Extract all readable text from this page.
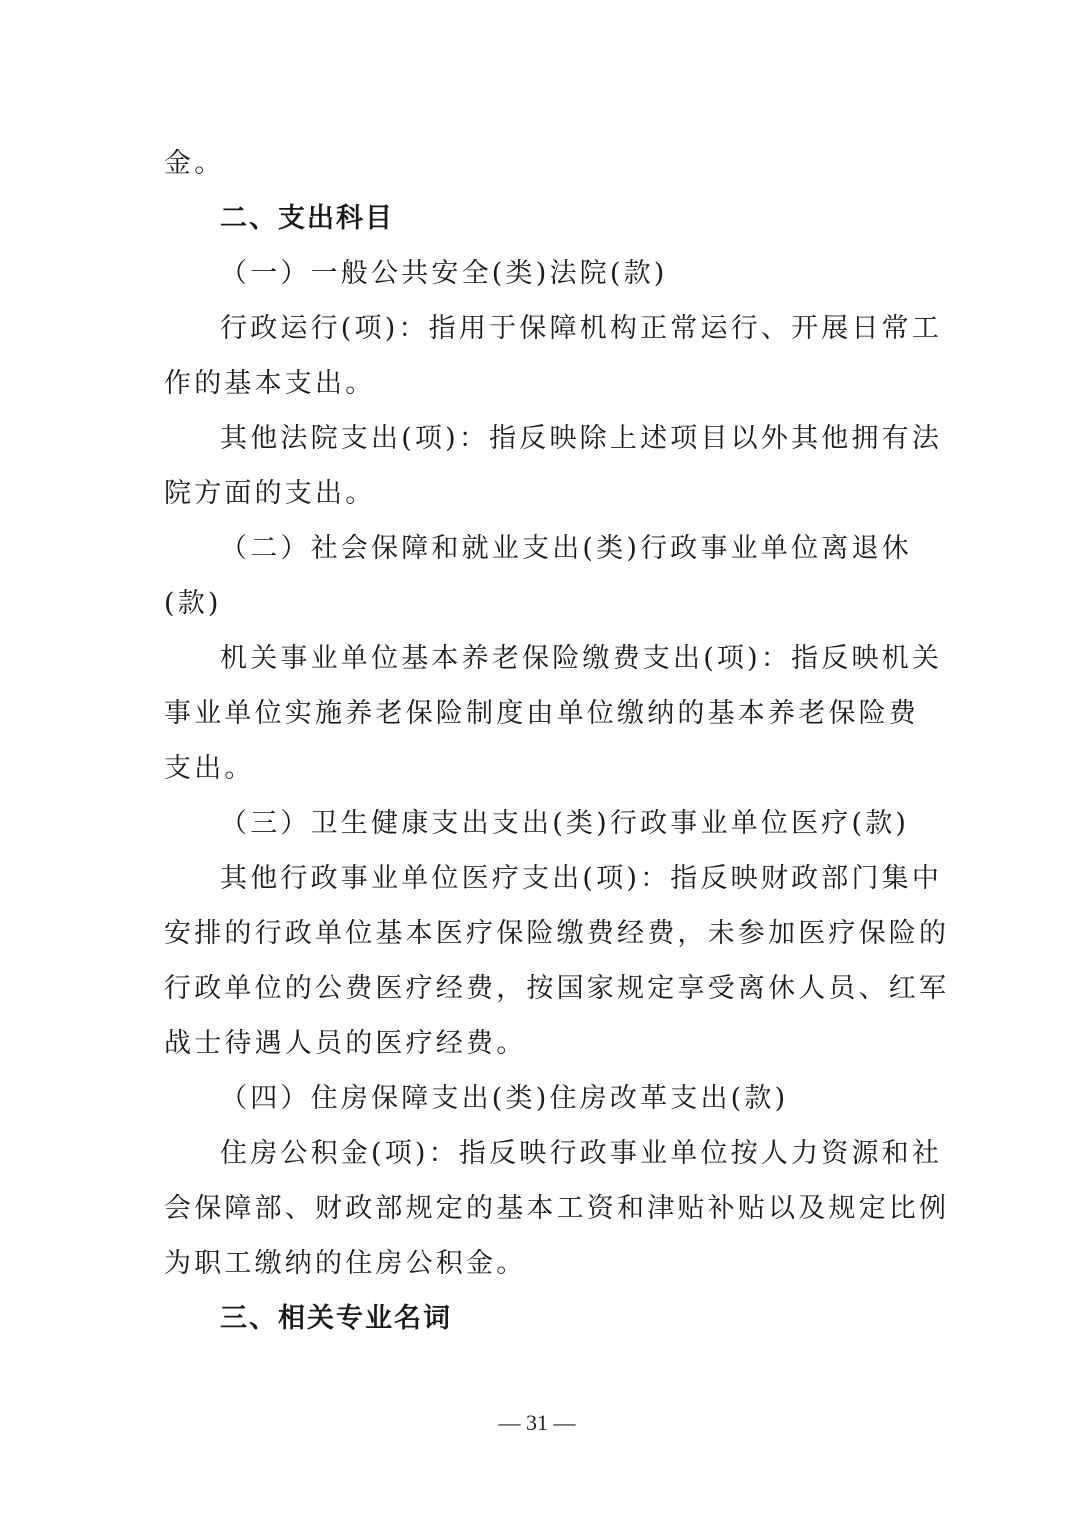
金。
二、支出科目
（一）一般公共安全(类)法院(款)
行政运行(项)：指用于保障机构正常运行、开展日常工
作的基本支出。
其他法院支出(项)：指反映除上述项目以外其他拥有法
院方面的支出。
（二）社会保障和就业支出(类)行政事业单位离退休
(款)
机关事业单位基本养老保险缴费支出(项)：指反映机关
事业单位实施养老保险制度由单位缴纳的基本养老保险费
支出。
（三）卫生健康支出支出(类)行政事业单位医疗(款)
其他行政事业单位医疗支出(项)：指反映财政部门集中
安排的行政单位基本医疗保险缴费经费，未参加医疗保险的
行政单位的公费医疗经费，按国家规定享受离休人员、红军
战士待遇人员的医疗经费。
（四）住房保障支出(类)住房改革支出(款)
住房公积金(项)：指反映行政事业单位按人力资源和社
会保障部、财政部规定的基本工资和津贴补贴以及规定比例
为职工缴纳的住房公积金。
三、相关专业名词
— 31 —
